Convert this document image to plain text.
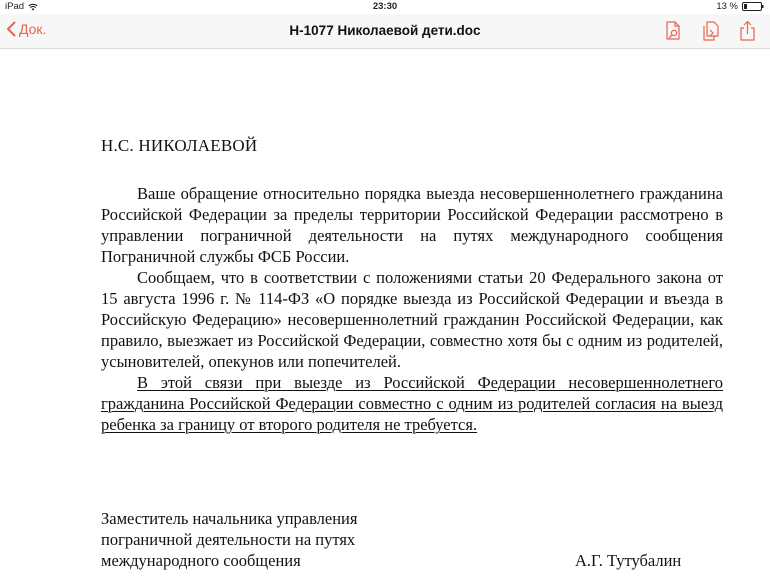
iPad	23:30	13 %
Док.	Н-1077 Николаевой дети.doc
Н.С. НИКОЛАЕВОЙ

Ваше обращение относительно порядка выезда несовершеннолетнего гражданина Российской Федерации за пределы территории Российской Федерации рассмотрено в управлении пограничной деятельности на путях международного сообщения Пограничной службы ФСБ России.

Сообщаем, что в соответствии с положениями статьи 20 Федерального закона от 15 августа 1996 г. № 114-ФЗ «О порядке выезда из Российской Федерации и въезда в Российскую Федерацию» несовершеннолетний гражданин Российской Федерации, как правило, выезжает из Российской Федерации, совместно хотя бы с одним из родителей, усыновителей, опекунов или попечителей.

В этой связи при выезде из Российской Федерации несовершеннолетнего гражданина Российской Федерации совместно с одним из родителей согласия на выезд ребенка за границу от второго родителя не требуется.

Заместитель начальника управления
пограничной деятельности на путях
международного сообщения	А.Г. Тутубалин
